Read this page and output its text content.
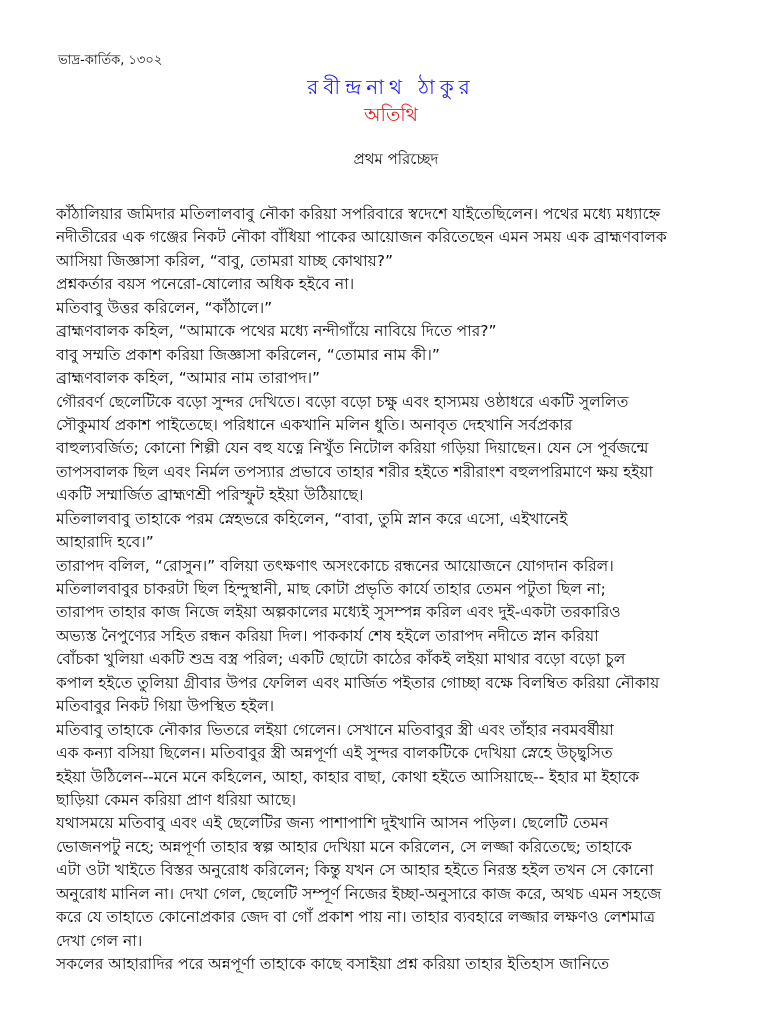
ভাদ্র-কার্তিক, ১৩০২
রবীন্দ্রনাথ ঠাকুর
অতিথি
প্রথম পরিচ্ছেদ
কাঁঠালিয়ার জমিদার মতিলালবাবু নৌকা করিয়া সপরিবারে স্বদেশে যাইতেছিলেন। পথের মধ্যে মধ্যাহ্নে
নদীতীরের এক গঞ্জের নিকট নৌকা বাঁধিয়া পাকের আয়োজন করিতেছেন এমন সময় এক ব্রাহ্মণবালক
আসিয়া জিজ্ঞাসা করিল, “বাবু, তোমরা যাচ্ছ কোথায়?”
প্রশ্নকর্তার বয়স পনেরো-ষোলোর অধিক হইবে না।
মতিবাবু উত্তর করিলেন, “কাঁঠালে।”
ব্রাহ্মণবালক কহিল, “আমাকে পথের মধ্যে নন্দীগাঁয়ে নাবিয়ে দিতে পার?”
বাবু সম্মতি প্রকাশ করিয়া জিজ্ঞাসা করিলেন, “তোমার নাম কী।”
ব্রাহ্মণবালক কহিল, “আমার নাম তারাপদ।”
গৌরবর্ণ ছেলেটিকে বড়ো সুন্দর দেখিতে। বড়ো বড়ো চক্ষু এবং হাস্যময় ওষ্ঠাধরে একটি সুললিত
সৌকুমার্য প্রকাশ পাইতেছে। পরিধানে একখানি মলিন ধুতি। অনাবৃত দেহখানি সর্বপ্রকার
বাহুল্যবর্জিত; কোনো শিল্পী যেন বহু যত্নে নিখুঁত নিটোল করিয়া গড়িয়া দিয়াছেন। যেন সে পূর্বজন্মে
তাপসবালক ছিল এবং নির্মল তপস্যার প্রভাবে তাহার শরীর হইতে শরীরাংশ বহুলপরিমাণে ক্ষয় হইয়া
একটি সম্মার্জিত ব্রাহ্মণশ্রী পরিস্ফুট হইয়া উঠিয়াছে।
মতিলালবাবু তাহাকে পরম স্নেহভরে কহিলেন, “বাবা, তুমি স্নান করে এসো, এইখানেই
আহারাদি হবে।”
তারাপদ বলিল, “রোসুন।” বলিয়া তৎক্ষণাৎ অসংকোচে রন্ধনের আয়োজনে যোগদান করিল।
মতিলালবাবুর চাকরটা ছিল হিন্দুস্থানী, মাছ কোটা প্রভৃতি কার্যে তাহার তেমন পটুতা ছিল না;
তারাপদ তাহার কাজ নিজে লইয়া অল্পকালের মধ্যেই সুসম্পন্ন করিল এবং দুই-একটা তরকারিও
অভ্যস্ত নৈপুণ্যের সহিত রন্ধন করিয়া দিল। পাককার্য শেষ হইলে তারাপদ নদীতে স্নান করিয়া
বোঁচকা খুলিয়া একটি শুভ্র বস্ত্র পরিল; একটি ছোটো কাঠের কাঁকই লইয়া মাথার বড়ো বড়ো চুল
কপাল হইতে তুলিয়া গ্রীবার উপর ফেলিল এবং মার্জিত পইতার গোচ্ছা বক্ষে বিলম্বিত করিয়া নৌকায়
মতিবাবুর নিকট গিয়া উপস্থিত হইল।
মতিবাবু তাহাকে নৌকার ভিতরে লইয়া গেলেন। সেখানে মতিবাবুর স্ত্রী এবং তাঁহার নবমবর্ষীয়া
এক কন্যা বসিয়া ছিলেন। মতিবাবুর স্ত্রী অন্নপূর্ণা এই সুন্দর বালকটিকে দেখিয়া স্নেহে উচ্ছ্বসিত
হইয়া উঠিলেন--মনে মনে কহিলেন, আহা, কাহার বাছা, কোথা হইতে আসিয়াছে-- ইহার মা ইহাকে
ছাড়িয়া কেমন করিয়া প্রাণ ধরিয়া আছে।
যথাসময়ে মতিবাবু এবং এই ছেলেটির জন্য পাশাপাশি দুইখানি আসন পড়িল। ছেলেটি তেমন
ভোজনপটু নহে; অন্নপূর্ণা তাহার স্বল্প আহার দেখিয়া মনে করিলেন, সে লজ্জা করিতেছে; তাহাকে
এটা ওটা খাইতে বিস্তর অনুরোধ করিলেন; কিন্তু যখন সে আহার হইতে নিরস্ত হইল তখন সে কোনো
অনুরোধ মানিল না। দেখা গেল, ছেলেটি সম্পূর্ণ নিজের ইচ্ছা-অনুসারে কাজ করে, অথচ এমন সহজে
করে যে তাহাতে কোনোপ্রকার জেদ বা গোঁ প্রকাশ পায় না। তাহার ব্যবহারে লজ্জার লক্ষণও লেশমাত্র
দেখা গেল না।
সকলের আহারাদির পরে অন্নপূর্ণা তাহাকে কাছে বসাইয়া প্রশ্ন করিয়া তাহার ইতিহাস জানিতে
